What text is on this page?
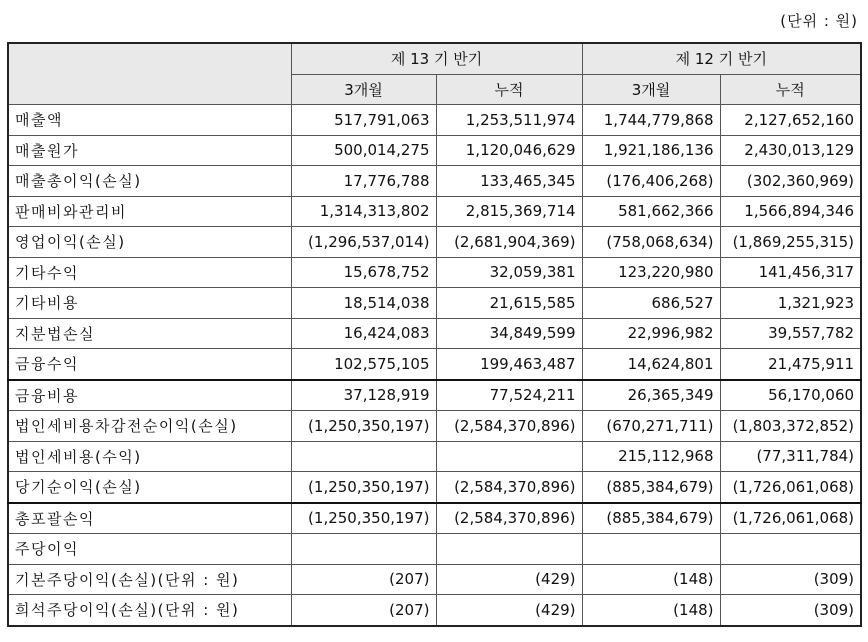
(단위 : 원)
	제 13 기 반기		제 12 기 반기	
	3개월	누적	3개월	누적
매출액	517,791,063	1,253,511,974	1,744,779,868	2,127,652,160
매출원가	500,014,275	1,120,046,629	1,921,186,136	2,430,013,129
매출총이익(손실)	17,776,788	133,465,345	(176,406,268)	(302,360,969)
판매비와관리비	1,314,313,802	2,815,369,714	581,662,366	1,566,894,346
영업이익(손실)	(1,296,537,014)	(2,681,904,369)	(758,068,634)	(1,869,255,315)
기타수익	15,678,752	32,059,381	123,220,980	141,456,317
기타비용	18,514,038	21,615,585	686,527	1,321,923
지분법손실	16,424,083	34,849,599	22,996,982	39,557,782
금융수익	102,575,105	199,463,487	14,624,801	21,475,911
금융비용	37,128,919	77,524,211	26,365,349	56,170,060
법인세비용차감전순이익(손실)	(1,250,350,197)	(2,584,370,896)	(670,271,711)	(1,803,372,852)
법인세비용(수익)			215,112,968	(77,311,784)
당기순이익(손실)	(1,250,350,197)	(2,584,370,896)	(885,384,679)	(1,726,061,068)
총포괄손익	(1,250,350,197)	(2,584,370,896)	(885,384,679)	(1,726,061,068)
주당이익				
기본주당이익(손실)(단위 : 원)	(207)	(429)	(148)	(309)
희석주당이익(손실)(단위 : 원)	(207)	(429)	(148)	(309)
